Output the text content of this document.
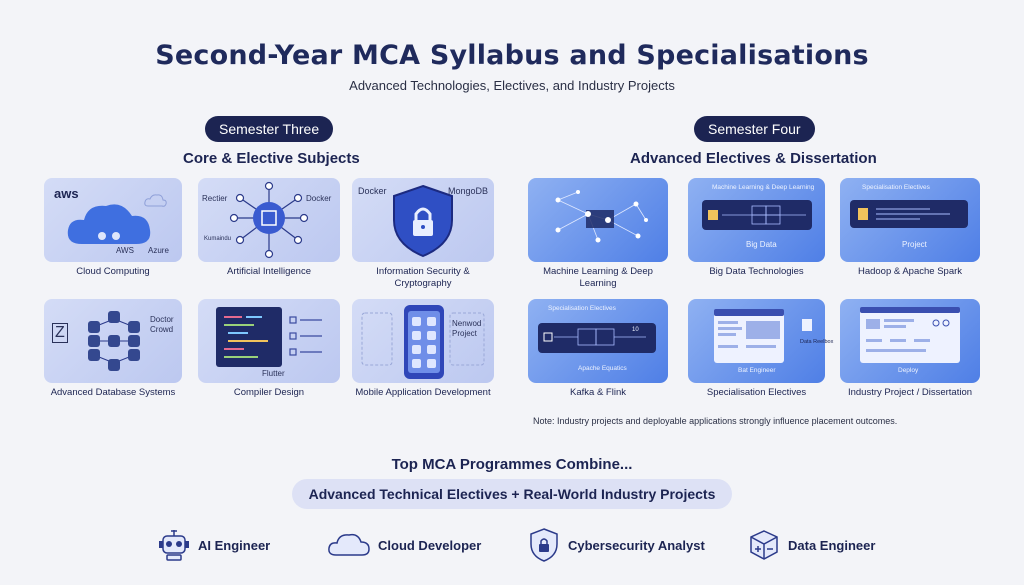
Second-Year MCA Syllabus and Specialisations
Advanced Technologies, Electives, and Industry Projects
Semester Three
Core & Elective Subjects
Semester Four
Advanced Electives & Dissertation
aws
AWS Azure
Cloud Computing
Rectier	Docker
Kumaindu
Artificial Intelligence
Docker	MongoDB
Information Security &
Cryptography
Z
Doctor
Crowd
Advanced Database Systems
Flutter
Compiler Design
Nenwod
Project
Mobile Application Development
Machine Learning & Deep Learning
Machine Learning & Deep Learning
Big Data
Big Data Technologies
Specialisation Electives
Project
Hadoop & Apache Spark
Specialisation Electives
10
Apache Equatics
Kafka & Flink
Data Reelbox
Bat Engineer
Specialisation Electives
Deploy
Industry Project / Dissertation
Note: Industry projects and deployable applications strongly influence placement outcomes.
Top MCA Programmes Combine...
Advanced Technical Electives + Real-World Industry Projects
AI Engineer	Cloud Developer	Cybersecurity Analyst	Data Engineer
